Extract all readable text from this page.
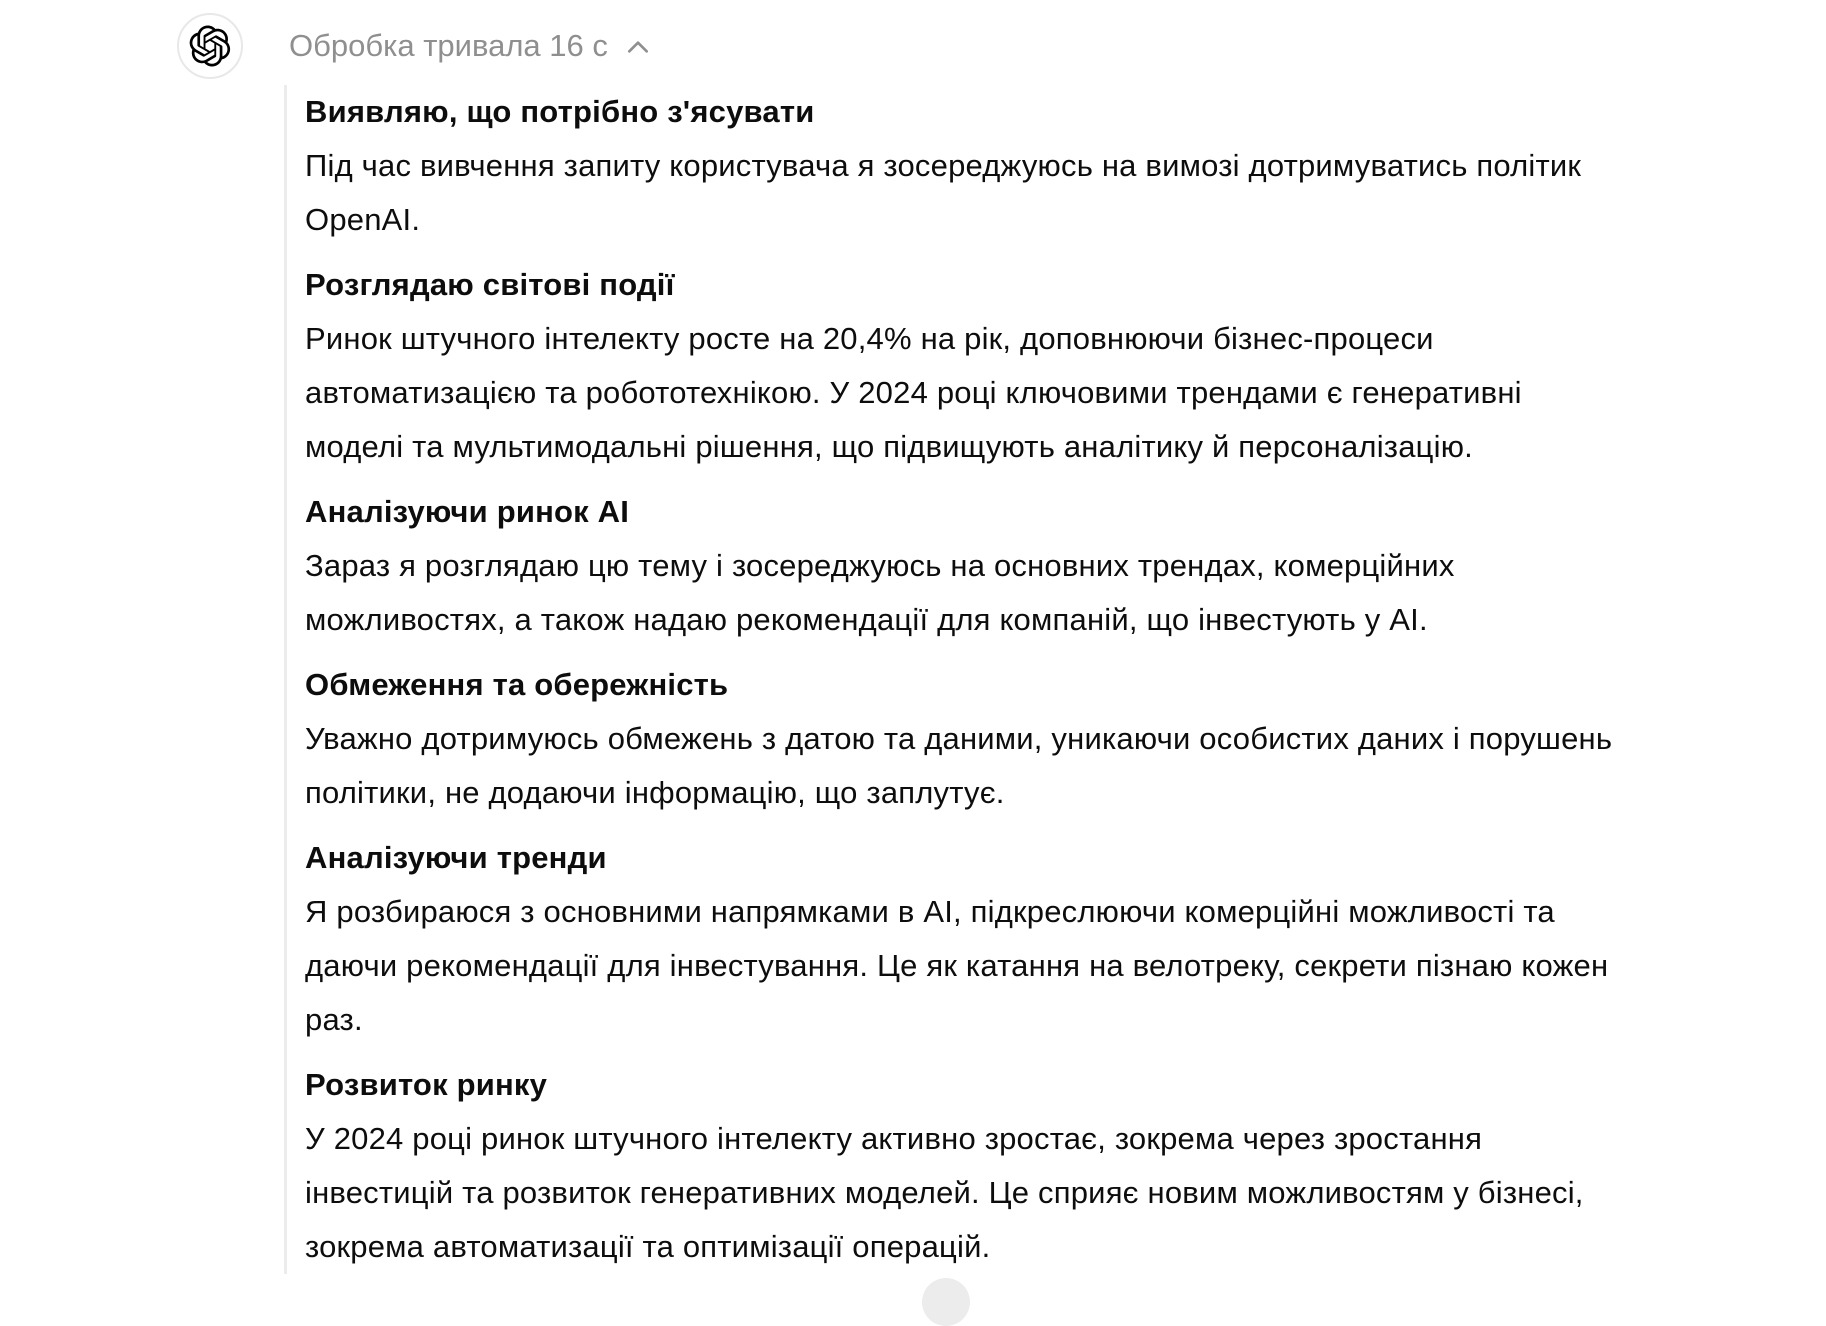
Обробка тривала 16 с
Виявляю, що потрібно з'ясувати

Під час вивчення запиту користувача я зосереджуюсь на вимозі дотримуватись політик
OpenAI.

Розглядаю світові події

Ринок штучного інтелекту росте на 20,4% на рік, доповнюючи бізнес-процеси
автоматизацією та робототехнікою. У 2024 році ключовими трендами є генеративні
моделі та мультимодальні рішення, що підвищують аналітику й персоналізацію.

Аналізуючи ринок AI

Зараз я розглядаю цю тему і зосереджуюсь на основних трендах, комерційних
можливостях, а також надаю рекомендації для компаній, що інвестують у AI.

Обмеження та обережність

Уважно дотримуюсь обмежень з датою та даними, уникаючи особистих даних і порушень
політики, не додаючи інформацію, що заплутує.

Аналізуючи тренди

Я розбираюся з основними напрямками в AI, підкреслюючи комерційні можливості та
даючи рекомендації для інвестування. Це як катання на велотреку, секрети пізнаю кожен
раз.

Розвиток ринку

У 2024 році ринок штучного інтелекту активно зростає, зокрема через зростання
інвестицій та розвиток генеративних моделей. Це сприяє новим можливостям у бізнесі,
зокрема автоматизації та оптимізації операцій.
